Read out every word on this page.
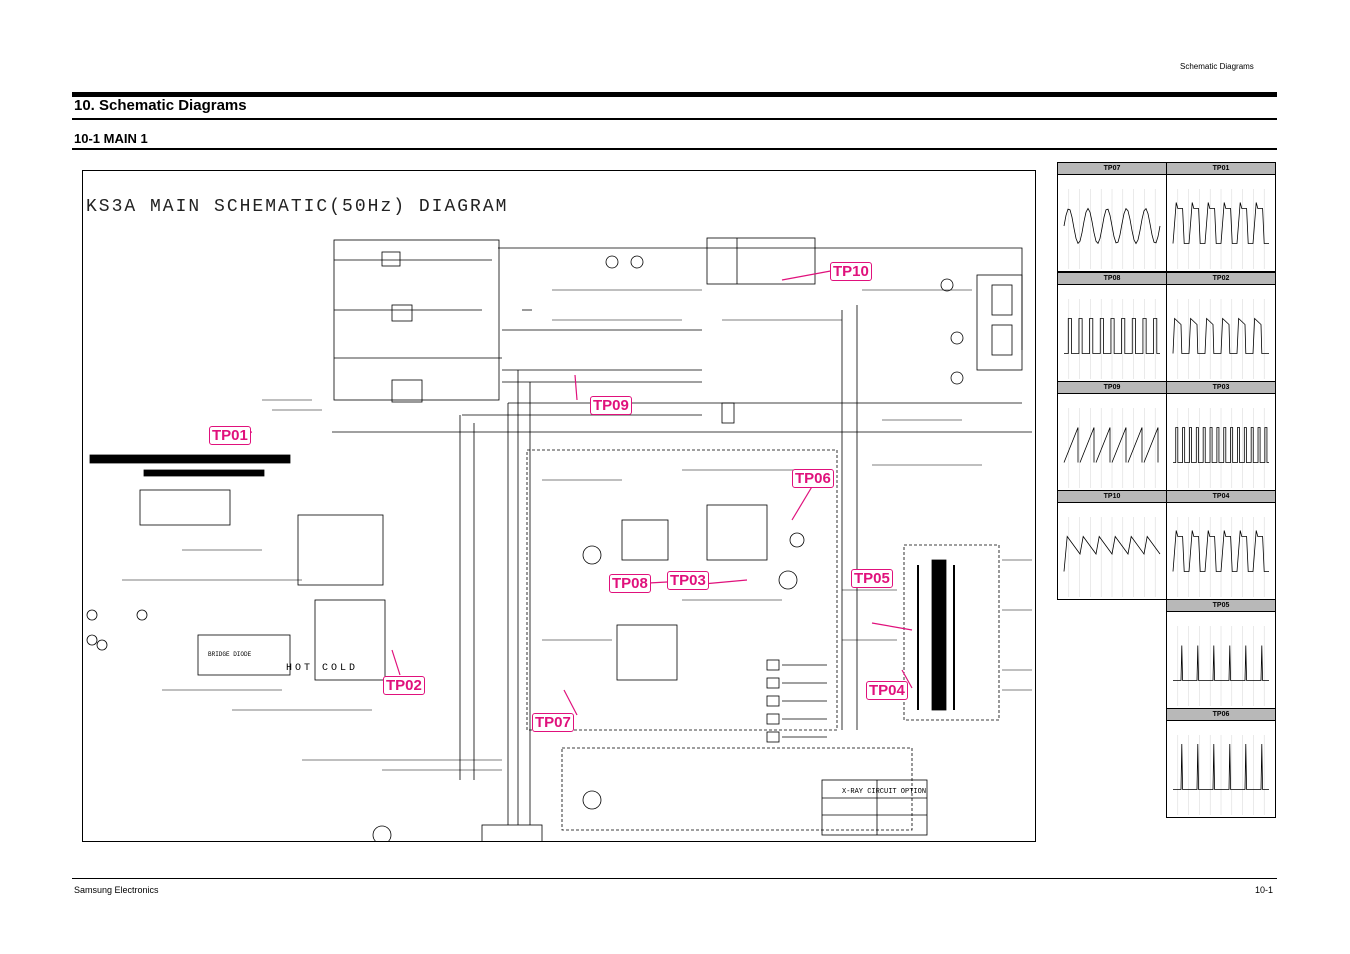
Schematic Diagrams
10. Schematic Diagrams
10-1 MAIN 1
KS3A MAIN SCHEMATIC(50Hz) DIAGRAM
HOT COLD
BRIDGE DIODE
X-RAY CIRCUIT OPTION
TP01
TP02
TP03
TP04
TP05
TP06
TP07
TP08
TP09
TP10
TP07	TP01
TP08	TP02
TP09	TP03
TP10	TP04
TP05
TP06
Samsung Electronics	10-1
